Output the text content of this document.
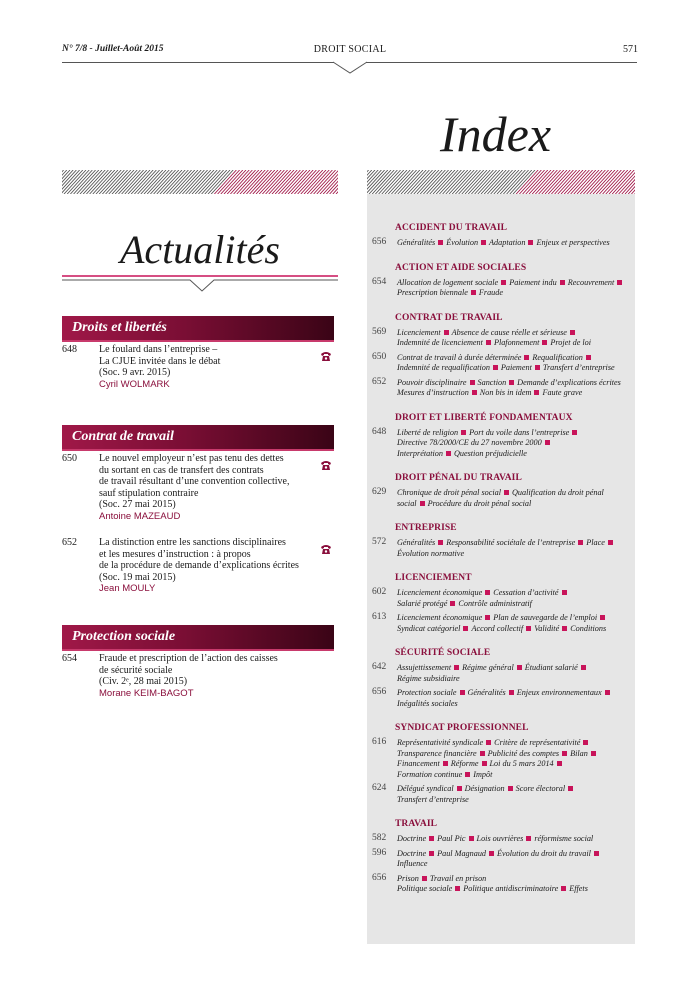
N° 7/8 - Juillet-Août 2015	DROIT SOCIAL	571
Index
Actualités
Droits et libertés
648	Le foulard dans l’entreprise –
La CJUE invitée dans le débat
(Soc. 9 avr. 2015)
Cyril WOLMARK
Contrat de travail
650	Le nouvel employeur n’est pas tenu des dettes
du sortant en cas de transfert des contrats
de travail résultant d’une convention collective,
sauf stipulation contraire
(Soc. 27 mai 2015)
Antoine MAZEAUD
652	La distinction entre les sanctions disciplinaires
et les mesures d’instruction : à propos
de la procédure de demande d’explications écrites
(Soc. 19 mai 2015)
Jean MOULY
Protection sociale
654	Fraude et prescription de l’action des caisses
de sécurité sociale
(Civ. 2ᵉ, 28 mai 2015)
Morane KEIM-BAGOT
ACCIDENT DU TRAVAIL
656 Généralités Évolution Adaptation Enjeux et perspectives
ACTION ET AIDE SOCIALES
654 Allocation de logement sociale Paiement indu Recouvrement
Prescription biennale Fraude
CONTRAT DE TRAVAIL
569 Licenciement Absence de cause réelle et sérieuse
Indemnité de licenciement Plafonnement Projet de loi
650 Contrat de travail à durée déterminée Requalification
Indemnité de requalification Paiement Transfert d’entreprise
652 Pouvoir disciplinaire Sanction Demande d’explications écrites
Mesures d’instruction Non bis in idem Faute grave
DROIT ET LIBERTÉ FONDAMENTAUX
648 Liberté de religion Port du voile dans l’entreprise
Directive 78/2000/CE du 27 novembre 2000
Interprétation Question préjudicielle
DROIT PÉNAL DU TRAVAIL
629 Chronique de droit pénal social Qualification du droit pénal
social Procédure du droit pénal social
ENTREPRISE
572 Généralités Responsabilité sociétale de l’entreprise Place
Évolution normative
LICENCIEMENT
602 Licenciement économique Cessation d’activité
Salarié protégé Contrôle administratif
613 Licenciement économique Plan de sauvegarde de l’emploi
Syndicat catégoriel Accord collectif Validité Conditions
SÉCURITÉ SOCIALE
642 Assujettissement Régime général Étudiant salarié
Régime subsidiaire
656 Protection sociale Généralités Enjeux environnementaux
Inégalités sociales
SYNDICAT PROFESSIONNEL
616 Représentativité syndicale Critère de représentativité
Transparence financière Publicité des comptes Bilan
Financement Réforme Loi du 5 mars 2014
Formation continue Impôt
624 Délégué syndical Désignation Score électoral
Transfert d’entreprise
TRAVAIL
582 Doctrine Paul Pic Lois ouvrières réformisme social
596 Doctrine Paul Magnaud Évolution du droit du travail
Influence
656 Prison Travail en prison
Politique sociale Politique antidiscriminatoire Effets
